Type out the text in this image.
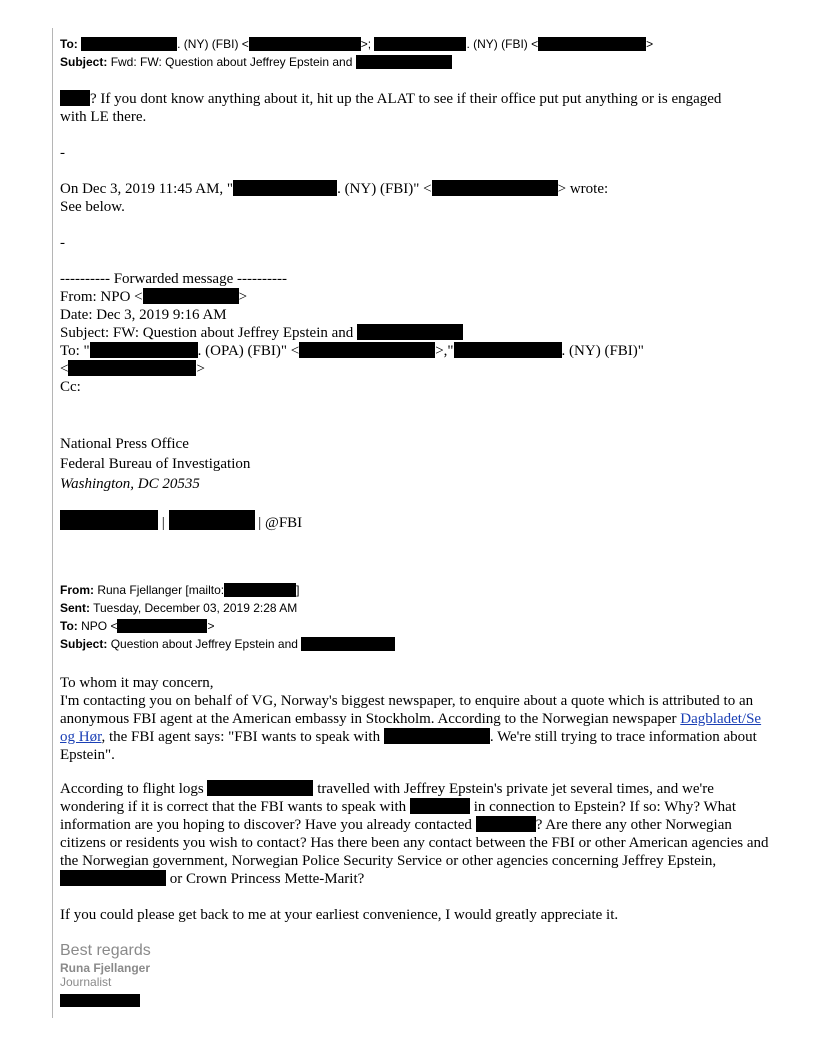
To:	. (NY) (FBI) <	>;	. (NY) (FBI) <	>
Subject: Fwd: FW: Question about Jeffrey Epstein and
? If you dont know anything about it, hit up the ALAT to see if their office put put anything or is engaged
with LE there.
-
On Dec 3, 2019 11:45 AM, "	. (NY) (FBI)" <	> wrote:
See below.
-
---------- Forwarded message ----------
From: NPO <	>
Date: Dec 3, 2019 9:16 AM
Subject: FW: Question about Jeffrey Epstein and
To: "	. (OPA) (FBI)" <	>,"	. (NY) (FBI)"
<	>
Cc:
National Press Office
Federal Bureau of Investigation
Washington, DC 20535
|	| @FBI
From: Runa Fjellanger [mailto:	]
Sent: Tuesday, December 03, 2019 2:28 AM
To: NPO <	>
Subject: Question about Jeffrey Epstein and
To whom it may concern,
I'm contacting you on behalf of VG, Norway's biggest newspaper, to enquire about a quote which is attributed to an anonymous FBI agent at the American embassy in Stockholm. According to the Norwegian newspaper Dagbladet/Se og Hør, the FBI agent says: "FBI wants to speak with	. We're still trying to trace information about Epstein".
According to flight logs	travelled with Jeffrey Epstein's private jet several times, and we're wondering if it is correct that the FBI wants to speak with	in connection to Epstein? If so: Why? What information are you hoping to discover? Have you already contacted	? Are there any other Norwegian citizens or residents you wish to contact? Has there been any contact between the FBI or other American agencies and the Norwegian government, Norwegian Police Security Service or other agencies concerning Jeffrey Epstein,  or Crown Princess Mette-Marit?
If you could please get back to me at your earliest convenience, I would greatly appreciate it.
Best regards
Runa Fjellanger
Journalist
